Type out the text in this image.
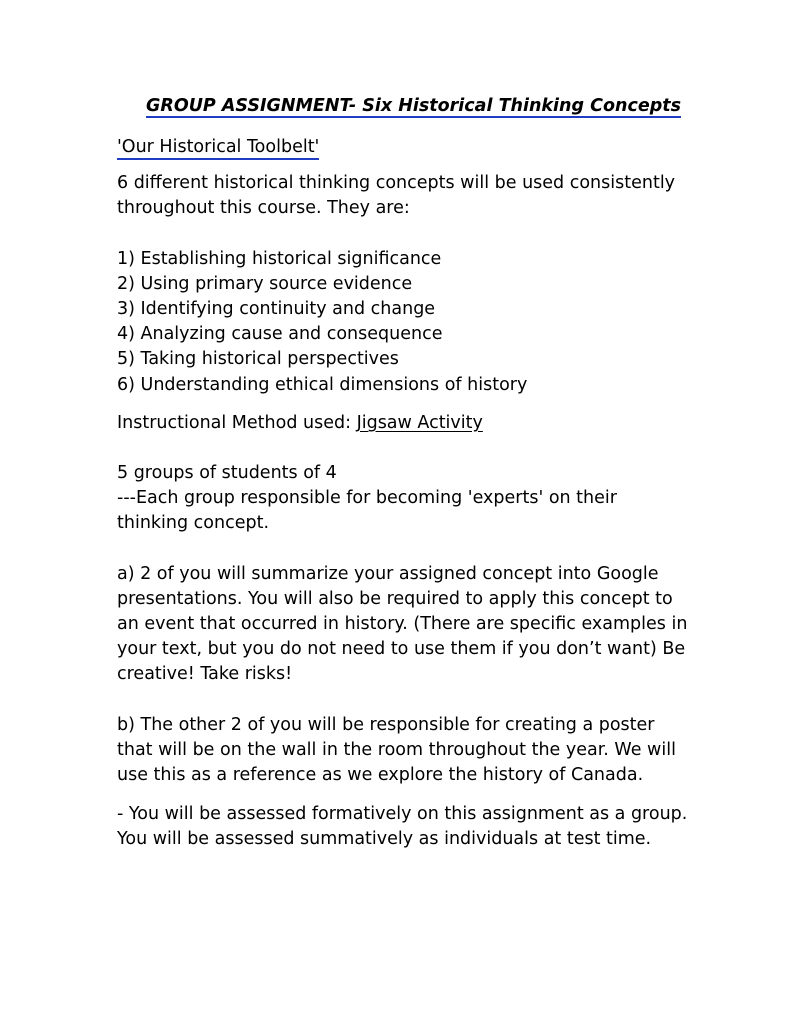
GROUP ASSIGNMENT- Six Historical Thinking Concepts
'Our Historical Toolbelt'
6 different historical thinking concepts will be used consistently
throughout this course. They are:
1) Establishing historical significance
2) Using primary source evidence
3) Identifying continuity and change
4) Analyzing cause and consequence
5) Taking historical perspectives
6) Understanding ethical dimensions of history
Instructional Method used: Jigsaw Activity
5 groups of students of 4
---Each group responsible for becoming 'experts' on their
thinking concept.
a) 2 of you will summarize your assigned concept into Google
presentations. You will also be required to apply this concept to
an event that occurred in history. (There are specific examples in
your text, but you do not need to use them if you don’t want) Be
creative! Take risks!
b) The other 2 of you will be responsible for creating a poster
that will be on the wall in the room throughout the year. We will
use this as a reference as we explore the history of Canada.
- You will be assessed formatively on this assignment as a group.
You will be assessed summatively as individuals at test time.
